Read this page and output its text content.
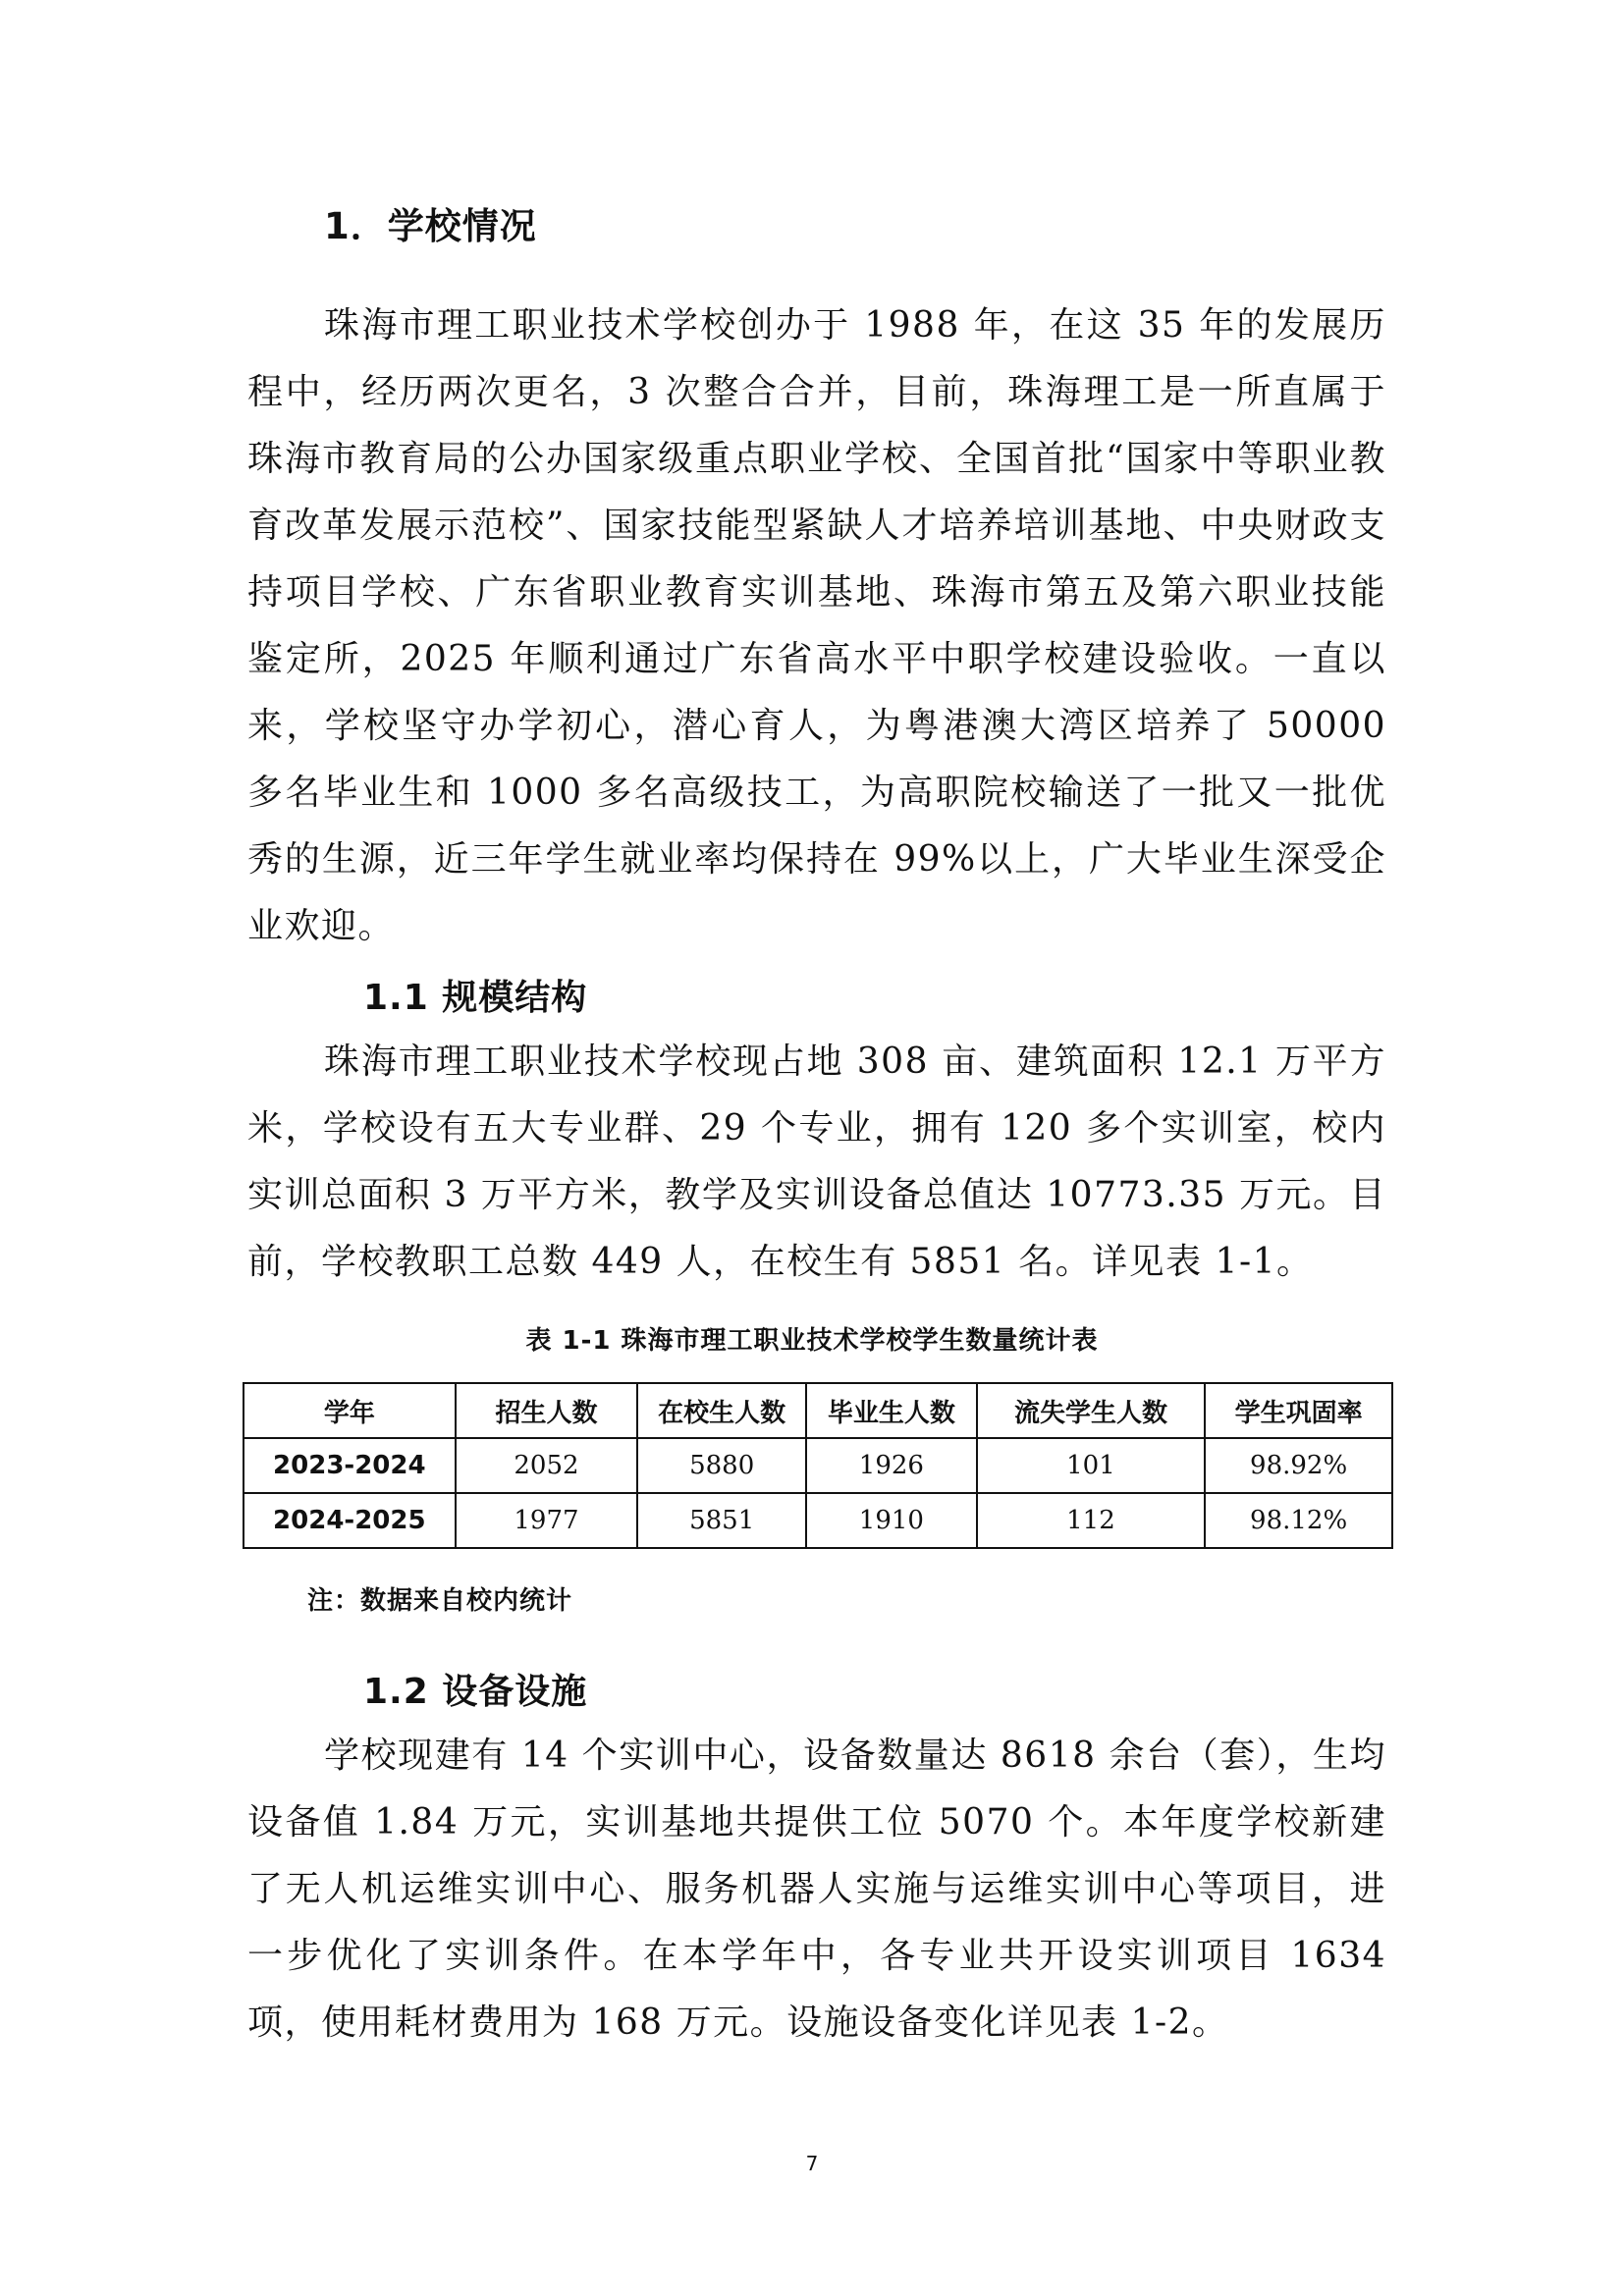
1．学校情况

珠海市理工职业技术学校创办于 1988 年，在这 35 年的发展历程中，经历两次更名，3 次整合合并，目前，珠海理工是一所直属于珠海市教育局的公办国家级重点职业学校、全国首批“国家中等职业教育改革发展示范校”、国家技能型紧缺人才培养培训基地、中央财政支持项目学校、广东省职业教育实训基地、珠海市第五及第六职业技能鉴定所，2025 年顺利通过广东省高水平中职学校建设验收。一直以来，学校坚守办学初心，潜心育人，为粤港澳大湾区培养了 50000 多名毕业生和 1000 多名高级技工，为高职院校输送了一批又一批优秀的生源，近三年学生就业率均保持在 99%以上，广大毕业生深受企业欢迎。

1.1 规模结构

珠海市理工职业技术学校现占地 308 亩、建筑面积 12.1 万平方米，学校设有五大专业群、29 个专业，拥有 120 多个实训室，校内实训总面积 3 万平方米，教学及实训设备总值达 10773.35 万元。目前，学校教职工总数 449 人，在校生有 5851 名。详见表 1-1。

表 1-1 珠海市理工职业技术学校学生数量统计表
学年	招生人数	在校生人数	毕业生人数	流失学生人数	学生巩固率
2023-2024	2052	5880	1926	101	98.92%
2024-2025	1977	5851	1910	112	98.12%
注：数据来自校内统计
1.2 设备设施

学校现建有 14 个实训中心，设备数量达 8618 余台（套），生均设备值 1.84 万元，实训基地共提供工位 5070 个。本年度学校新建了无人机运维实训中心、服务机器人实施与运维实训中心等项目，进一步优化了实训条件。在本学年中，各专业共开设实训项目 1634 项，使用耗材费用为 168 万元。设施设备变化详见表 1-2。

7
